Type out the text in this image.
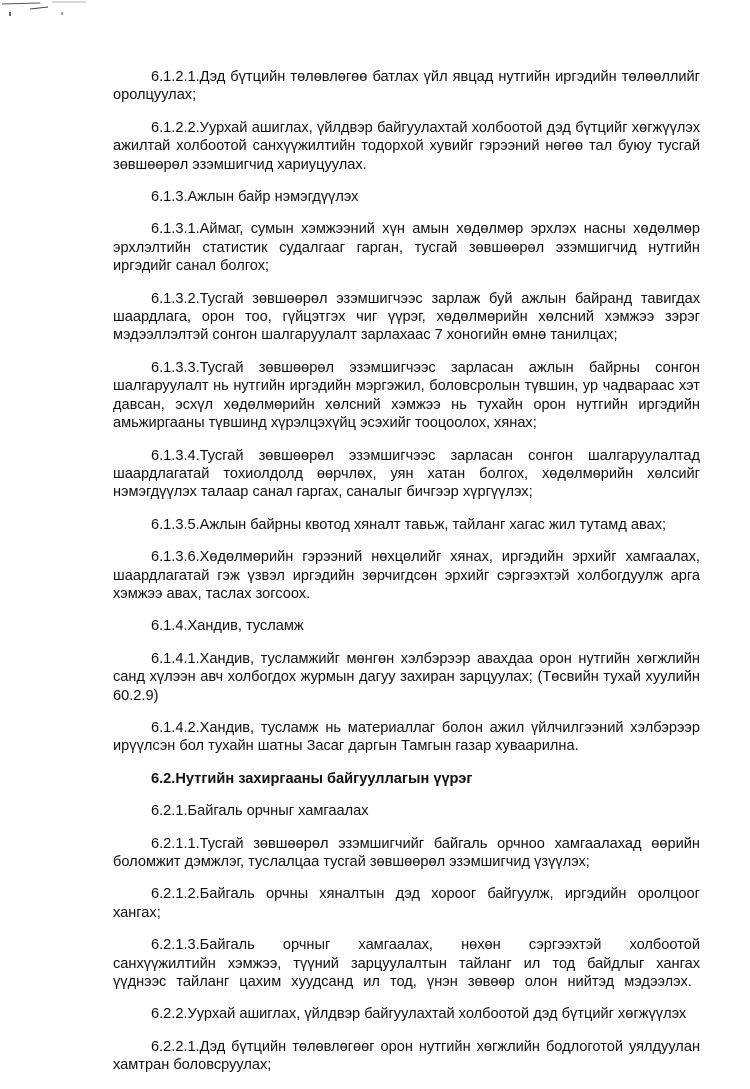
6.1.2.1.Дэд бүтцийн төлөвлөгөө батлах үйл явцад нутгийн иргэдийн төлөөллийг оролцуулах;

6.1.2.2.Уурхай ашиглах, үйлдвэр байгуулахтай холбоотой дэд бүтцийг хөгжүүлэх ажилтай холбоотой санхүүжилтийн тодорхой хувийг гэрээний нөгөө тал буюу тусгай зөвшөөрөл эзэмшигчид хариуцуулах.

6.1.3.Ажлын байр нэмэгдүүлэх

6.1.3.1.Аймаг, сумын хэмжээний хүн амын хөдөлмөр эрхлэх насны хөдөлмөр эрхлэлтийн статистик судалгааг гарган, тусгай зөвшөөрөл эзэмшигчид нутгийн иргэдийг санал болгох;

6.1.3.2.Тусгай зөвшөөрөл эзэмшигчээс зарлаж буй ажлын байранд тавигдах шаардлага, орон тоо, гүйцэтгэх чиг үүрэг, хөдөлмөрийн хөлсний хэмжээ зэрэг мэдээллэлтэй сонгон шалгаруулалт зарлахаас 7 хоногийн өмнө танилцах;

6.1.3.3.Тусгай зөвшөөрөл эзэмшигчээс зарласан ажлын байрны сонгон шалгаруулалт нь нутгийн иргэдийн мэргэжил, боловсролын түвшин, ур чадвараас хэт давсан, эсхүл хөдөлмөрийн хөлсний хэмжээ нь тухайн орон нутгийн иргэдийн амьжиргааны түвшинд хүрэлцэхүйц эсэхийг тооцоолох, хянах;

6.1.3.4.Тусгай зөвшөөрөл эзэмшигчээс зарласан сонгон шалгаруулалтад шаардлагатай тохиолдолд өөрчлөх, уян хатан болгох, хөдөлмөрийн хөлсийг нэмэгдүүлэх талаар санал гаргах, саналыг бичгээр хүргүүлэх;

6.1.3.5.Ажлын байрны квотод хяналт тавьж, тайланг хагас жил тутамд авах;

6.1.3.6.Хөдөлмөрийн гэрээний нөхцөлийг хянах, иргэдийн эрхийг хамгаалах, шаардлагатай гэж үзвэл иргэдийн зөрчигдсөн эрхийг сэргээхтэй холбогдуулж арга хэмжээ авах, таслах зогсоох.

6.1.4.Хандив, тусламж

6.1.4.1.Хандив, тусламжийг мөнгөн хэлбэрээр авахдаа орон нутгийн хөгжлийн санд хүлээн авч холбогдох журмын дагуу захиран зарцуулах; (Төсвийн тухай хуулийн 60.2.9)

6.1.4.2.Хандив, тусламж нь материаллаг болон ажил үйлчилгээний хэлбэрээр ирүүлсэн бол тухайн шатны Засаг даргын Тамгын газар хуваарилна.

6.2.Нутгийн захиргааны байгууллагын үүрэг

6.2.1.Байгаль орчныг хамгаалах

6.2.1.1.Тусгай зөвшөөрөл эзэмшигчийг байгаль орчноо хамгаалахад өөрийн боломжит дэмжлэг, туслалцаа тусгай зөвшөөрөл эзэмшигчид үзүүлэх;

6.2.1.2.Байгаль орчны хяналтын дэд хороог байгуулж, иргэдийн оролцоог хангах;

6.2.1.3.Байгаль орчныг хамгаалах, нөхөн сэргээхтэй холбоотой санхүүжилтийн хэмжээ, түүний зарцуулалтын тайланг ил тод байдлыг хангах үүднээс тайланг цахим хуудсанд ил тод, үнэн зөвөөр олон нийтэд мэдээлэх.

6.2.2.Уурхай ашиглах, үйлдвэр байгуулахтай холбоотой дэд бүтцийг хөгжүүлэх

6.2.2.1.Дэд бүтцийн төлөвлөгөөг орон нутгийн хөгжлийн бодлоготой уялдуулан хамтран боловсруулах;
